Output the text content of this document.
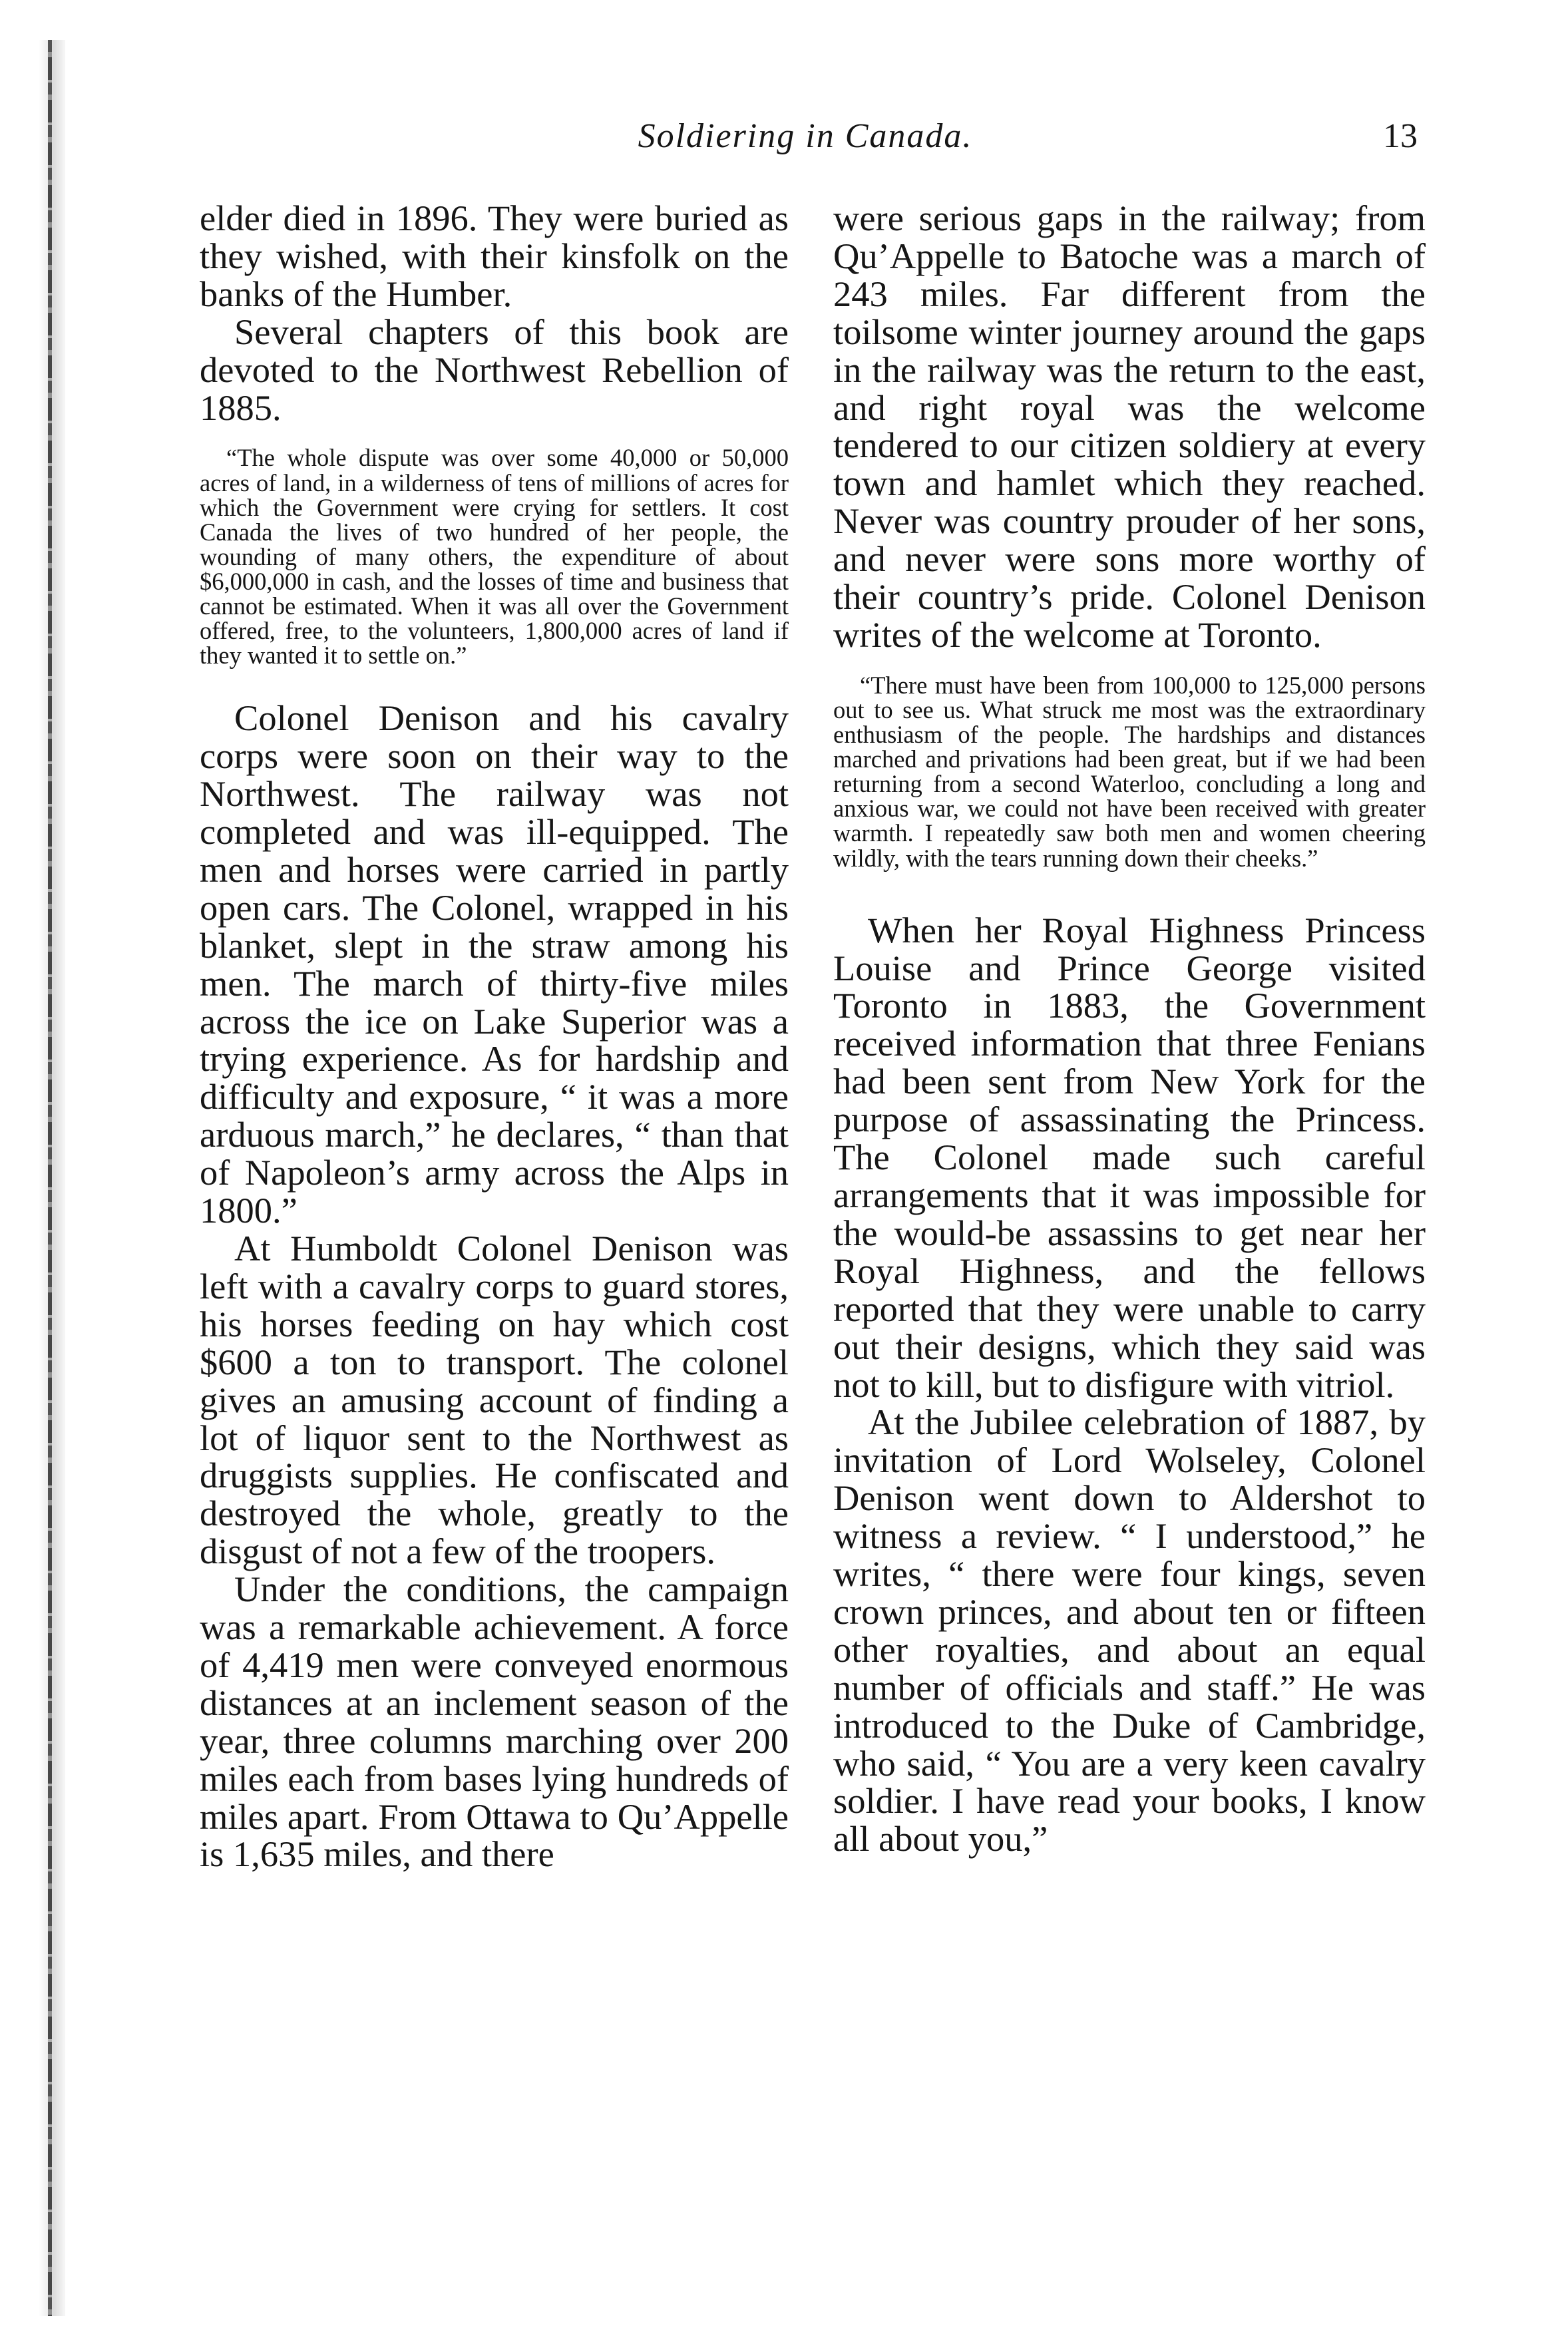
Soldiering in Canada.	13

elder died in 1896. They were buried as they wished, with their kinsfolk on the banks of the Humber.

Several chapters of this book are devoted to the Northwest Rebellion of 1885.

“The whole dispute was over some 40,000 or 50,000 acres of land, in a wilderness of tens of millions of acres for which the Government were crying for settlers. It cost Canada the lives of two hundred of her people, the wounding of many others, the expenditure of about $6,000,000 in cash, and the losses of time and business that cannot be estimated. When it was all over the Government offered, free, to the volunteers, 1,800,000 acres of land if they wanted it to settle on.”

Colonel Denison and his cavalry corps were soon on their way to the Northwest. The railway was not completed and was ill-equipped. The men and horses were carried in partly open cars. The Colonel, wrapped in his blanket, slept in the straw among his men. The march of thirty-five miles across the ice on Lake Superior was a trying experience. As for hardship and difficulty and exposure, “ it was a more arduous march,” he declares, “ than that of Napoleon’s army across the Alps in 1800.”

At Humboldt Colonel Denison was left with a cavalry corps to guard stores, his horses feeding on hay which cost $600 a ton to transport. The colonel gives an amusing account of finding a lot of liquor sent to the Northwest as druggists supplies. He confiscated and destroyed the whole, greatly to the disgust of not a few of the troopers.

Under the conditions, the campaign was a remarkable achievement. A force of 4,419 men were conveyed enormous distances at an inclement season of the year, three columns marching over 200 miles each from bases lying hundreds of miles apart. From Ottawa to Qu’Appelle is 1,635 miles, and there

were serious gaps in the railway; from Qu’Appelle to Batoche was a march of 243 miles. Far different from the toilsome winter journey around the gaps in the railway was the return to the east, and right royal was the welcome tendered to our citizen soldiery at every town and hamlet which they reached. Never was country prouder of her sons, and never were sons more worthy of their country’s pride. Colonel Denison writes of the welcome at Toronto.

“There must have been from 100,000 to 125,000 persons out to see us. What struck me most was the extraordinary enthusiasm of the people. The hardships and distances marched and privations had been great, but if we had been returning from a second Waterloo, concluding a long and anxious war, we could not have been received with greater warmth. I repeatedly saw both men and women cheering wildly, with the tears running down their cheeks.”

When her Royal Highness Princess Louise and Prince George visited Toronto in 1883, the Government received information that three Fenians had been sent from New York for the purpose of assassinating the Princess. The Colonel made such careful arrangements that it was impossible for the would-be assassins to get near her Royal Highness, and the fellows reported that they were unable to carry out their designs, which they said was not to kill, but to disfigure with vitriol.

At the Jubilee celebration of 1887, by invitation of Lord Wolseley, Colonel Denison went down to Aldershot to witness a review. “ I understood,” he writes, “ there were four kings, seven crown princes, and about ten or fifteen other royalties, and about an equal number of officials and staff.” He was introduced to the Duke of Cambridge, who said, “ You are a very keen cavalry soldier. I have read your books, I know all about you,”
